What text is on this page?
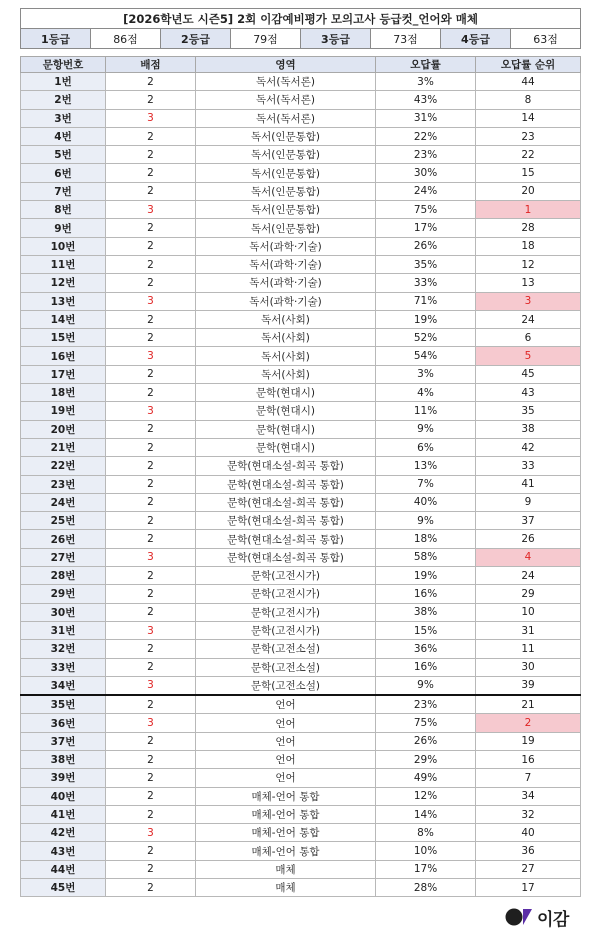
[2026학년도 시즌5] 2회 이감예비평가 모의고사 등급컷_언어와 매체
1등급	86점	2등급	79점	3등급	73점	4등급	63점
문항번호	배점	영역	오답률	오답률 순위
1번	2	독서(독서론)	3%	44
2번	2	독서(독서론)	43%	8
3번	3	독서(독서론)	31%	14
4번	2	독서(인문통합)	22%	23
5번	2	독서(인문통합)	23%	22
6번	2	독서(인문통합)	30%	15
7번	2	독서(인문통합)	24%	20
8번	3	독서(인문통합)	75%	1
9번	2	독서(인문통합)	17%	28
10번	2	독서(과학·기술)	26%	18
11번	2	독서(과학·기술)	35%	12
12번	2	독서(과학·기술)	33%	13
13번	3	독서(과학·기술)	71%	3
14번	2	독서(사회)	19%	24
15번	2	독서(사회)	52%	6
16번	3	독서(사회)	54%	5
17번	2	독서(사회)	3%	45
18번	2	문학(현대시)	4%	43
19번	3	문학(현대시)	11%	35
20번	2	문학(현대시)	9%	38
21번	2	문학(현대시)	6%	42
22번	2	문학(현대소설-희곡 통합)	13%	33
23번	2	문학(현대소설-희곡 통합)	7%	41
24번	2	문학(현대소설-희곡 통합)	40%	9
25번	2	문학(현대소설-희곡 통합)	9%	37
26번	2	문학(현대소설-희곡 통합)	18%	26
27번	3	문학(현대소설-희곡 통합)	58%	4
28번	2	문학(고전시가)	19%	24
29번	2	문학(고전시가)	16%	29
30번	2	문학(고전시가)	38%	10
31번	3	문학(고전시가)	15%	31
32번	2	문학(고전소설)	36%	11
33번	2	문학(고전소설)	16%	30
34번	3	문학(고전소설)	9%	39
35번	2	언어	23%	21
36번	3	언어	75%	2
37번	2	언어	26%	19
38번	2	언어	29%	16
39번	2	언어	49%	7
40번	2	매체-언어 통합	12%	34
41번	2	매체-언어 통합	14%	32
42번	3	매체-언어 통합	8%	40
43번	2	매체-언어 통합	10%	36
44번	2	매체	17%	27
45번	2	매체	28%	17
이감
